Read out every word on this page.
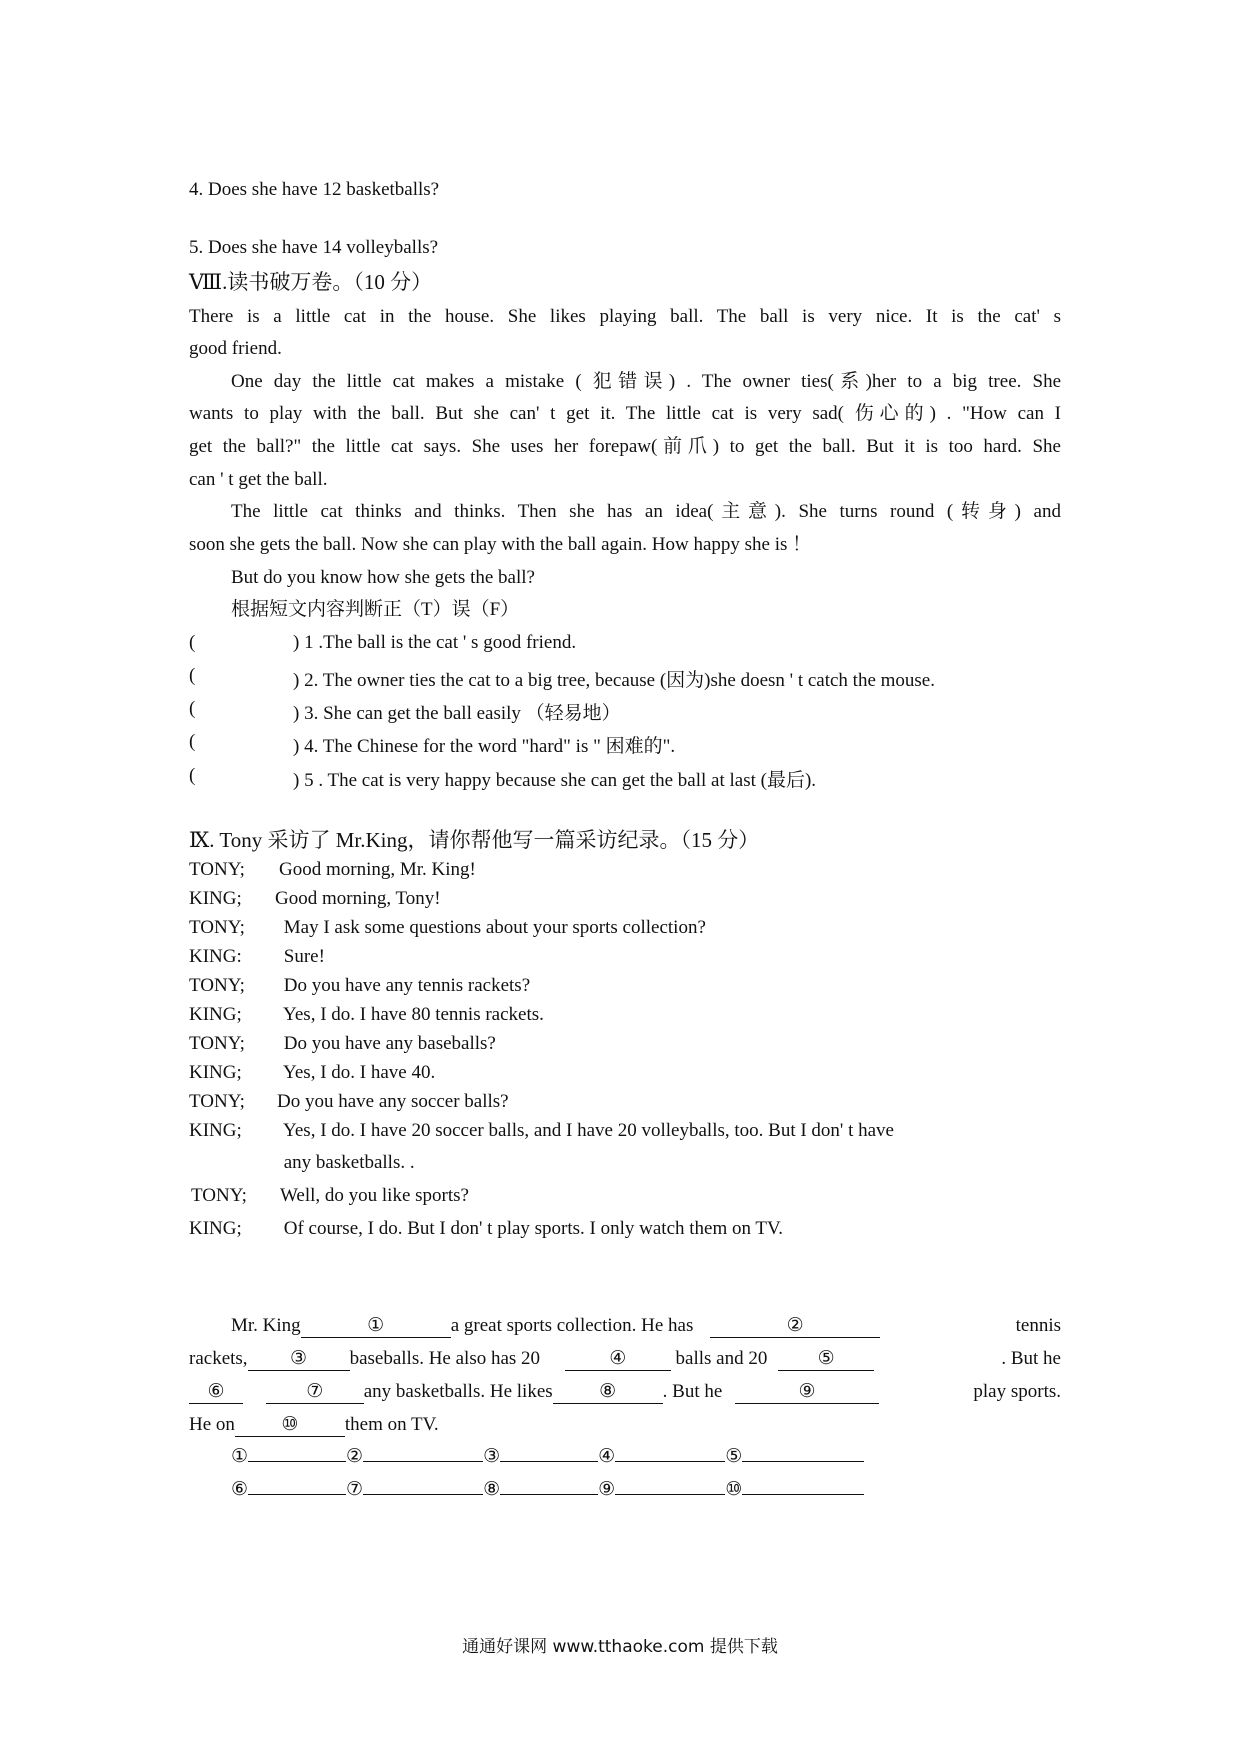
4. Does she have 12 basketballs?
5. Does she have 14 volleyballs?
Ⅷ.读书破万卷。（10 分）
There is a little cat in the house. She likes playing ball. The ball is very nice. It is the cat' s
good friend.
One day the little cat makes a mistake ( 犯错误) . The owner ties(系)her to a big tree. She
wants to play with the ball. But she can' t get it. The little cat is very sad( 伤心的) . "How can I
get the ball?" the little cat says. She uses her forepaw(前爪) to get the ball. But it is too hard. She
can ' t get the ball.
The little cat thinks and thinks. Then she has an idea(主意). She turns round (转身) and
soon she gets the ball. Now she can play with the ball again. How happy she is ！
But do you know how she gets the ball?
根据短文内容判断正（T）误（F）
(	) 1 .The ball is the cat ' s good friend.
(	) 2. The owner ties the cat to a big tree, because (因为)she doesn ' t catch the mouse.
(	) 3. She can get the ball easily （轻易地）
(	) 4. The Chinese for the word "hard" is " 困难的".
(	) 5 . The cat is very happy because she can get the ball at last (最后).
Ⅸ. Tony 采访了 Mr.King，请你帮他写一篇采访纪录。（15 分）
TONY; Good morning, Mr. King!
KING; Good morning, Tony!
TONY; May I ask some questions about your sports collection?
KING: Sure!
TONY; Do you have any tennis rackets?
KING; Yes, I do. I have 80 tennis rackets.
TONY; Do you have any baseballs?
KING; Yes, I do. I have 40.
TONY; Do you have any soccer balls?
KING; Yes, I do. I have 20 soccer balls, and I have 20 volleyballs, too. But I don' t have
any basketballs. .
TONY; Well, do you like sports?
KING; Of course, I do. But I don' t play sports. I only watch them on TV.
Mr. King	①	a great sports collection. He has	②	tennis
rackets, ③ baseballs. He also has 20	④	balls and 20	⑤	. But he
⑥	⑦ any basketballs. He likes ⑧ . But he	⑨	play sports.
He on ⑩ them on TV.
①	②	③	④	⑤
⑥	⑦	⑧	⑨	⑩
通通好课网 www.tthaoke.com 提供下载
